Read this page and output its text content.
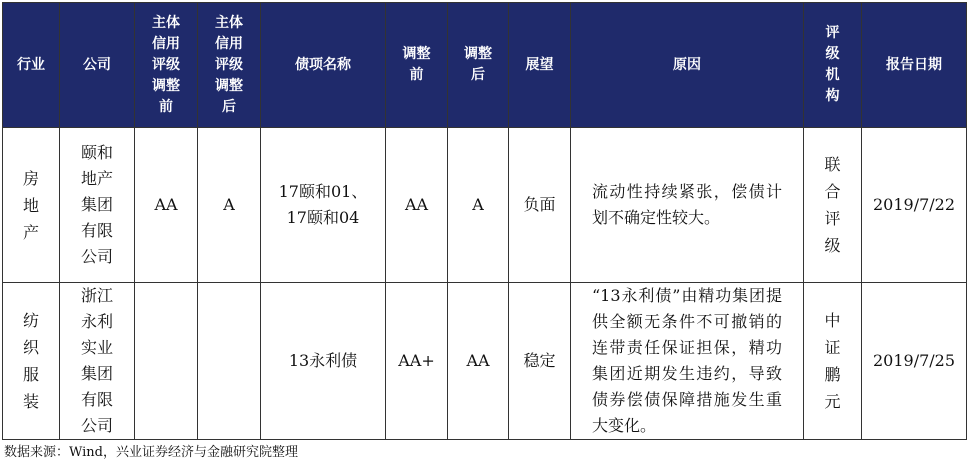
行业	公司	主体信用评级调整前	主体信用评级调整后	债项名称	调整前	调整后	展望	原因	评级机构	报告日期
房地产	颐和地产集团有限公司	AA	A	17颐和01、17颐和04	AA	A	负面	流动性持续紧张，偿债计划不确定性较大。	联合评级	2019/7/22
纺织服装	浙江永利实业集团有限公司			13永利债	AA+	AA	稳定	“13永利债”由精功集团提供全额无条件不可撤销的连带责任保证担保，精功集团近期发生违约，导致债券偿债保障措施发生重大变化。	中证鹏元	2019/7/25
数据来源：Wind，兴业证券经济与金融研究院整理
